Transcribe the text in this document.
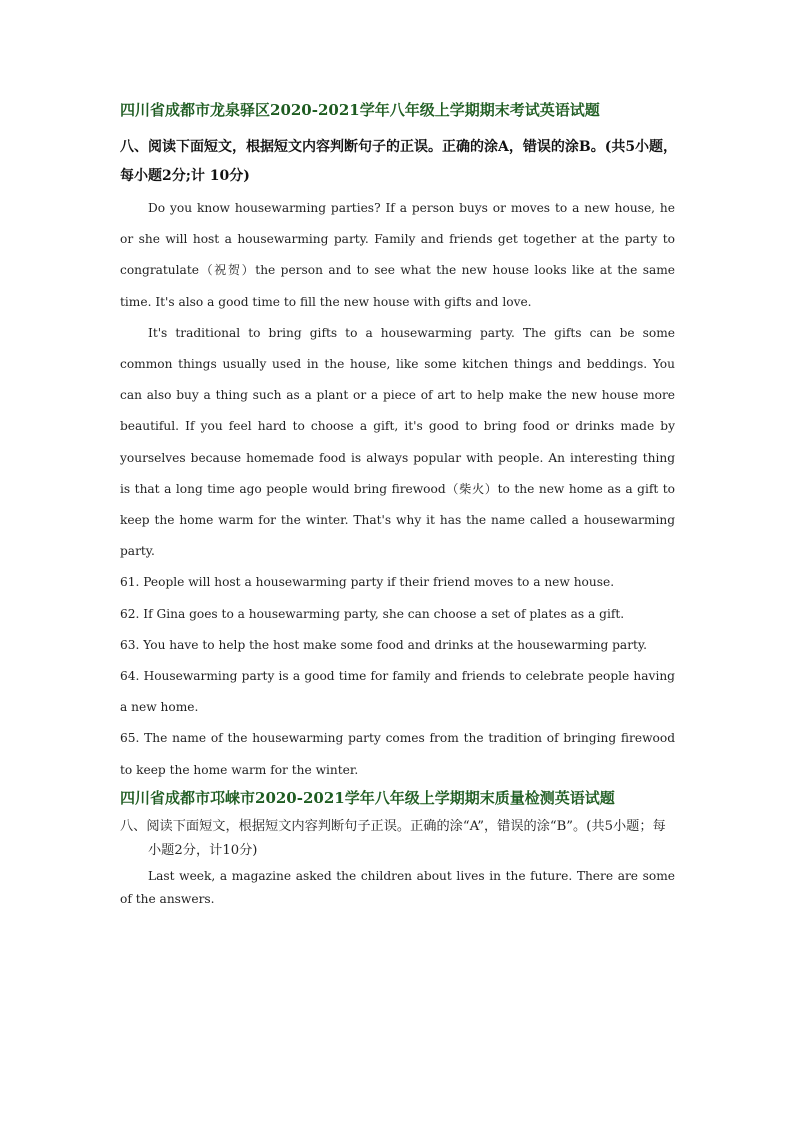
四川省成都市龙泉驿区2020-2021学年八年级上学期期末考试英语试题
八、阅读下面短文，根据短文内容判断句子的正误。正确的涂A，错误的涂B。(共5小题，每小题2分;计 10分)

Do you know housewarming parties? If a person buys or moves to a new house, he or she will host a housewarming party. Family and friends get together at the party to congratulate（祝贺）the person and to see what the new house looks like at the same time. It's also a good time to fill the new house with gifts and love.

It's traditional to bring gifts to a housewarming party. The gifts can be some common things usually used in the house, like some kitchen things and beddings. You can also buy a thing such as a plant or a piece of art to help make the new house more beautiful. If you feel hard to choose a gift, it's good to bring food or drinks made by yourselves because homemade food is always popular with people. An interesting thing is that a long time ago people would bring firewood（柴火）to the new home as a gift to keep the home warm for the winter. That's why it has the name called a housewarming party.

61. People will host a housewarming party if their friend moves to a new house.

62. If Gina goes to a housewarming party, she can choose a set of plates as a gift.

63. You have to help the host make some food and drinks at the housewarming party.

64. Housewarming party is a good time for family and friends to celebrate people having a new home.

65. The name of the housewarming party comes from the tradition of bringing firewood to keep the home warm for the winter.

四川省成都市邛崃市2020-2021学年八年级上学期期末质量检测英语试题
八、阅读下面短文，根据短文内容判断句子正误。正确的涂“A”，错误的涂“B”。(共5小题；每小题2分，计10分)

Last week, a magazine asked the children about lives in the future. There are some of the answers.
